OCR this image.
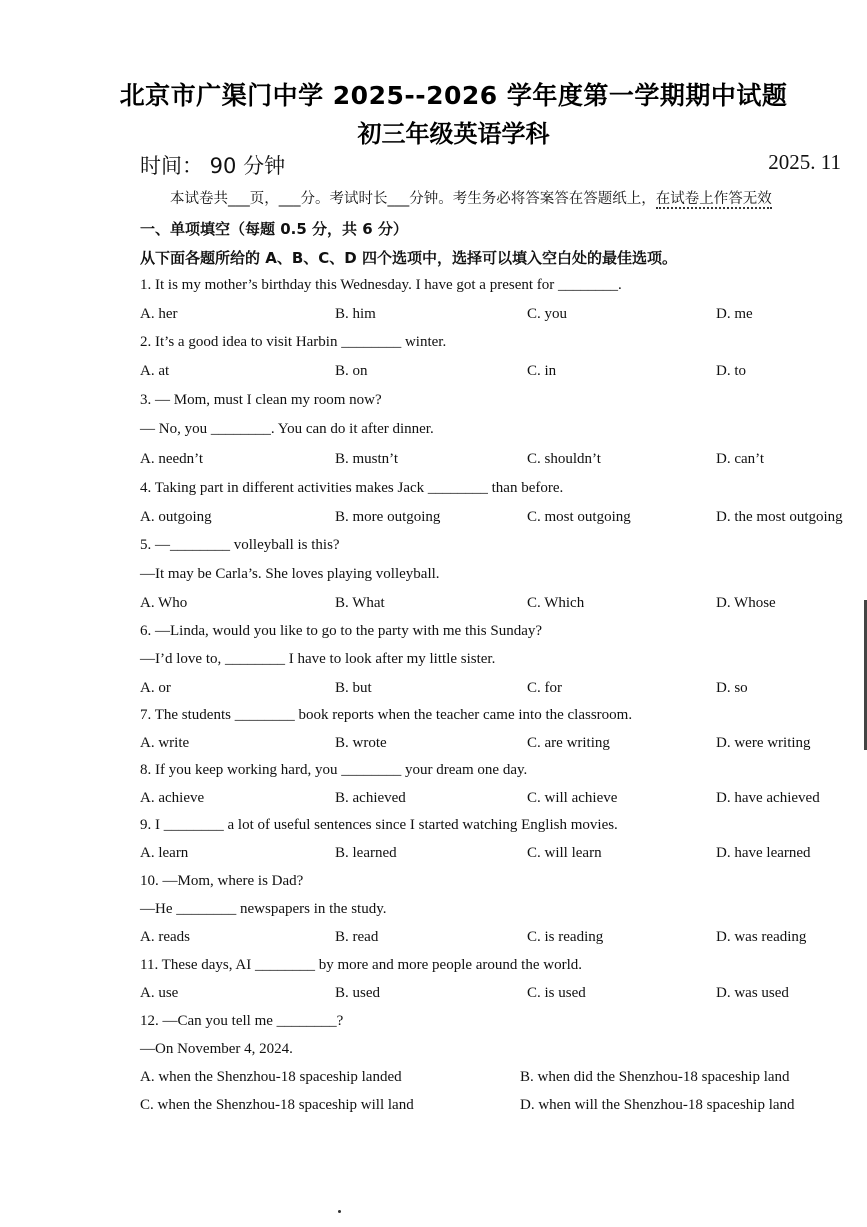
北京市广渠门中学 2025--2026 学年度第一学期期中试题
初三年级英语学科
时间： 90 分钟	2025. 11
本试卷共___页，___分。考试时长___分钟。考生务必将答案答在答题纸上，在试卷上作答无效
一、单项填空（每题 0.5 分，共 6 分）
从下面各题所给的 A、B、C、D 四个选项中，选择可以填入空白处的最佳选项。
1. It is my mother’s birthday this Wednesday. I have got a present for ________.
A. her	B. him	C. you	D. me
2. It’s a good idea to visit Harbin ________ winter.
A. at	B. on	C. in	D. to
3. — Mom, must I clean my room now?
— No, you ________. You can do it after dinner.
A. needn’t	B. mustn’t	C. shouldn’t	D. can’t
4. Taking part in different activities makes Jack ________ than before.
A. outgoing	B. more outgoing	C. most outgoing	D. the most outgoing
5. —________ volleyball is this?
—It may be Carla’s. She loves playing volleyball.
A. Who	B. What	C. Which	D. Whose
6. —Linda, would you like to go to the party with me this Sunday?
—I’d love to, ________ I have to look after my little sister.
A. or	B. but	C. for	D. so
7. The students ________ book reports when the teacher came into the classroom.
A. write	B. wrote	C. are writing	D. were writing
8. If you keep working hard, you ________ your dream one day.
A. achieve	B. achieved	C. will achieve	D. have achieved
9. I ________ a lot of useful sentences since I started watching English movies.
A. learn	B. learned	C. will learn	D. have learned
10. —Mom, where is Dad?
—He ________ newspapers in the study.
A. reads	B. read	C. is reading	D. was reading
11. These days, AI ________ by more and more people around the world.
A. use	B. used	C. is used	D. was used
12. —Can you tell me ________?
—On November 4, 2024.
A. when the Shenzhou-18 spaceship landed	B. when did the Shenzhou-18 spaceship land
C. when the Shenzhou-18 spaceship will land	D. when will the Shenzhou-18 spaceship land
